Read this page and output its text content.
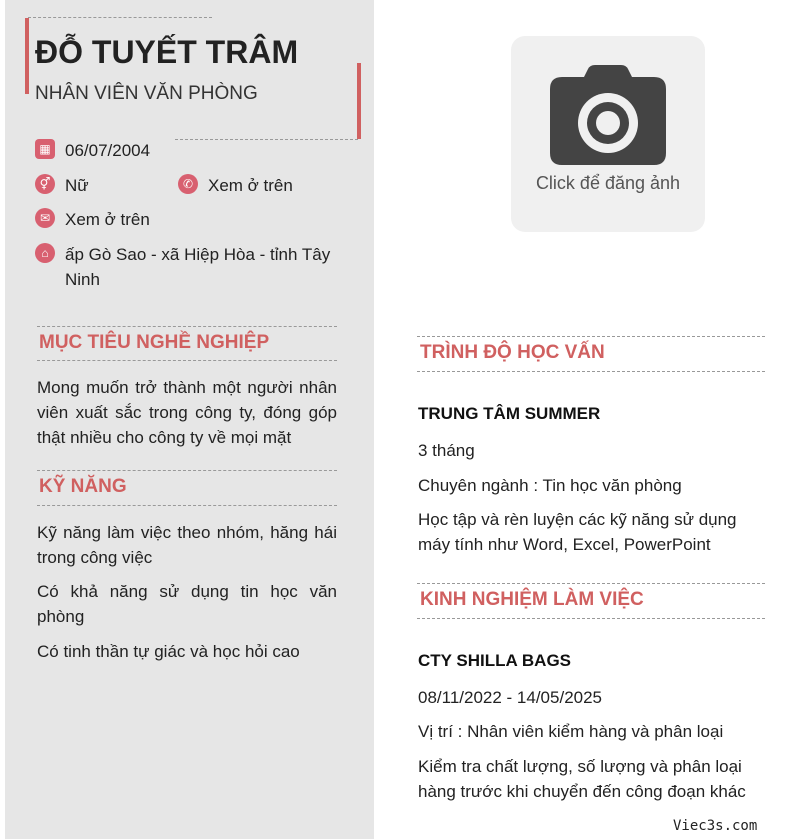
ĐỖ TUYẾT TRÂM
NHÂN VIÊN VĂN PHÒNG
▦ 06/07/2004
⚥ Nữ	✆ Xem ở trên
✉ Xem ở trên
⌂ ấp Gò Sao - xã Hiệp Hòa - tỉnh Tây Ninh
MỤC TIÊU NGHỀ NGHIỆP
Mong muốn trở thành một người nhân viên xuất sắc trong công ty, đóng góp thật nhiều cho công ty về mọi mặt
KỸ NĂNG
Kỹ năng làm việc theo nhóm, hăng hái trong công việc
Có khả năng sử dụng tin học văn phòng
Có tinh thần tự giác và học hỏi cao
Click để đăng ảnh
TRÌNH ĐỘ HỌC VẤN
TRUNG TÂM SUMMER
3 tháng
Chuyên ngành : Tin học văn phòng
Học tập và rèn luyện các kỹ năng sử dụng máy tính như Word, Excel, PowerPoint
KINH NGHIỆM LÀM VIỆC
CTY SHILLA BAGS
08/11/2022 - 14/05/2025
Vị trí : Nhân viên kiểm hàng và phân loại
Kiểm tra chất lượng, số lượng và phân loại hàng trước khi chuyển đến công đoạn khác
Viec3s.com
